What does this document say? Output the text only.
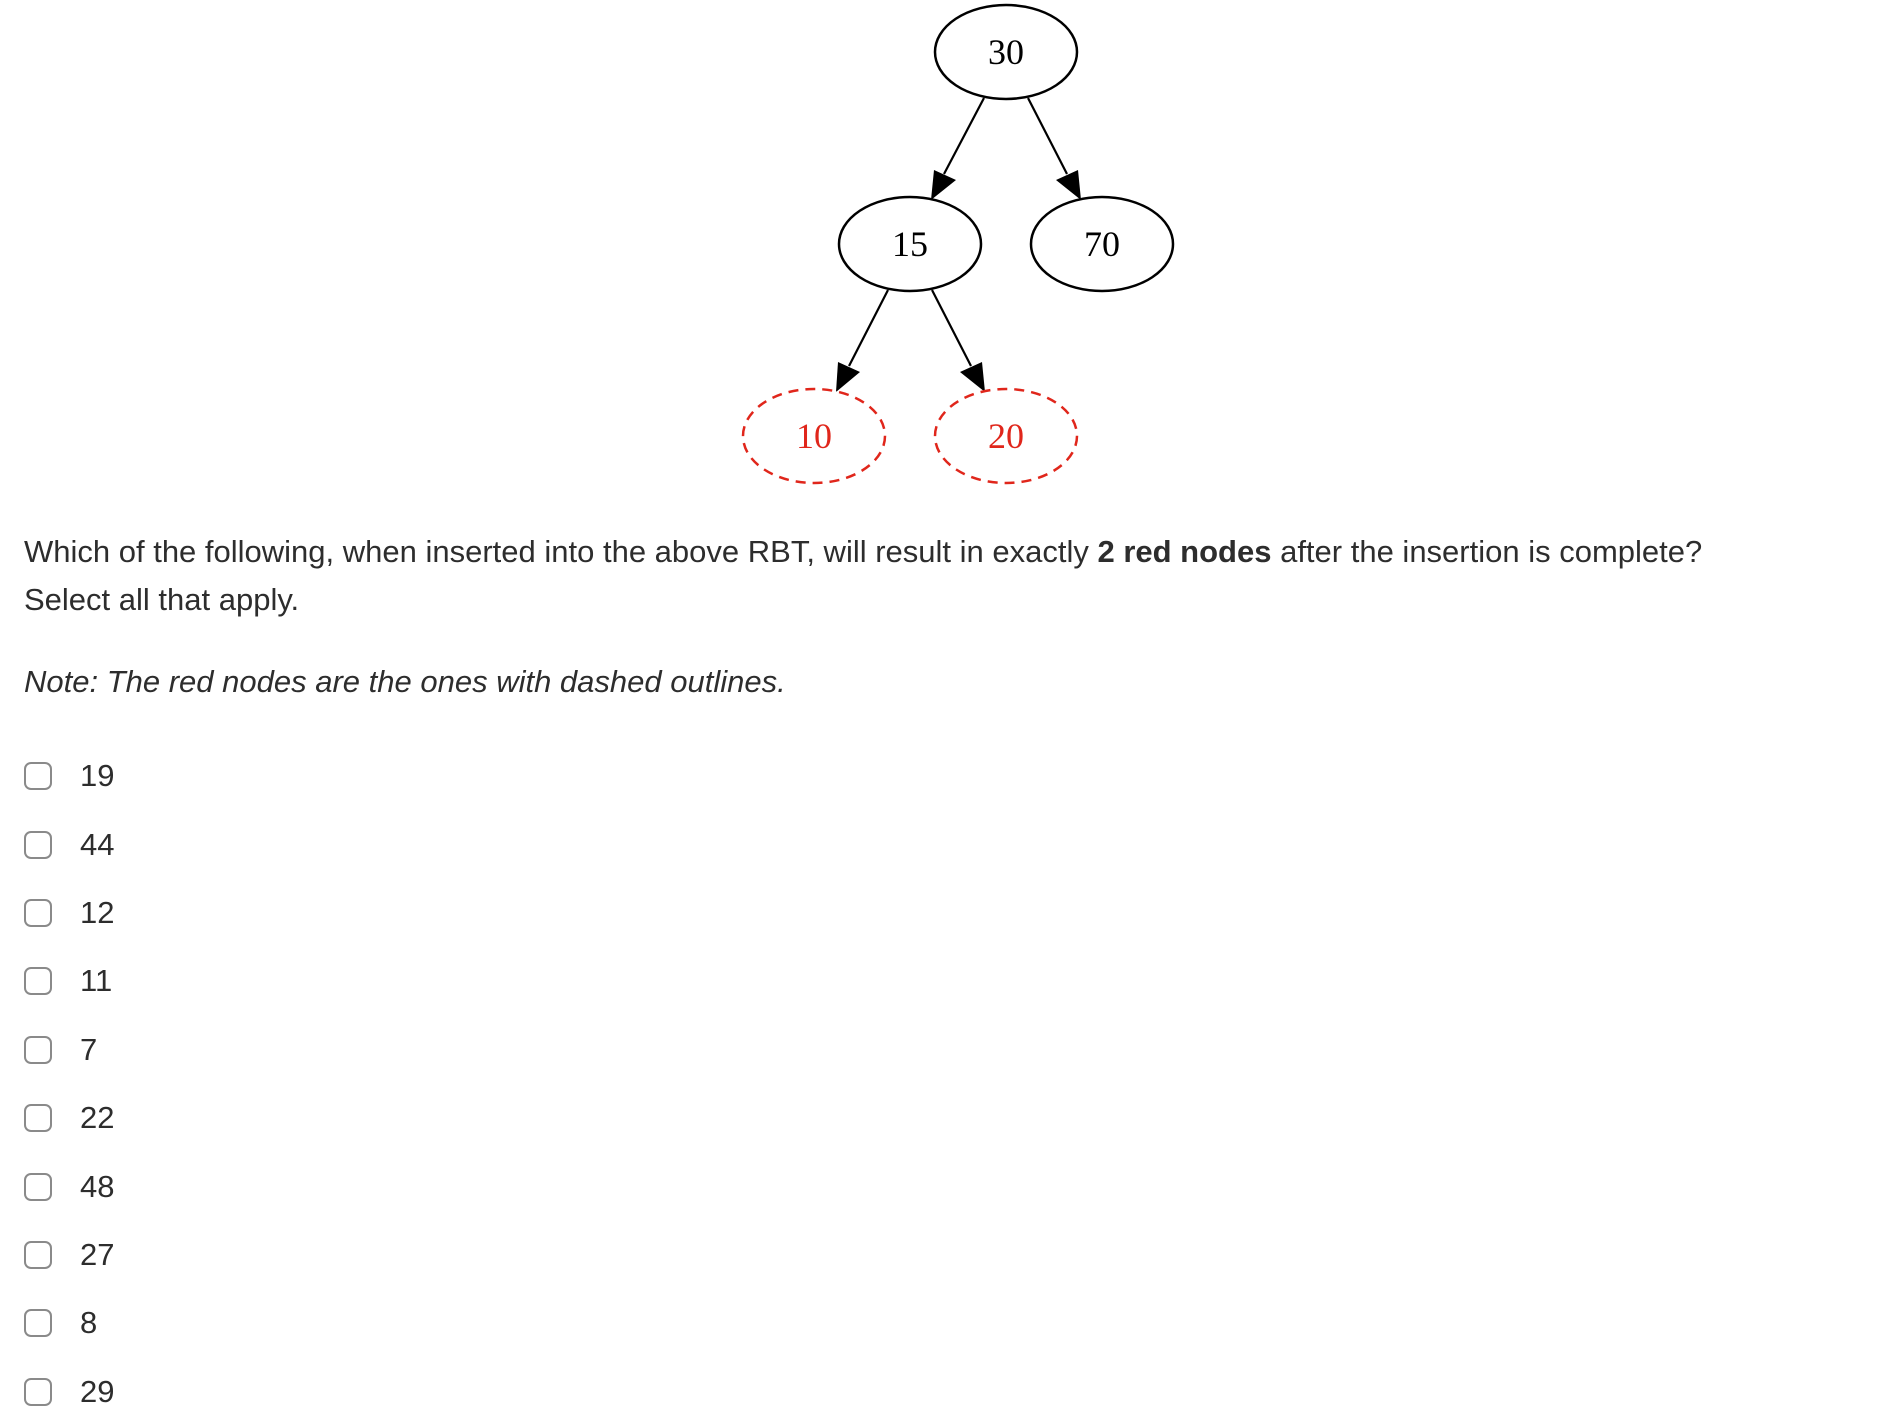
30
15	70
10	20

Which of the following, when inserted into the above RBT, will result in exactly 2 red nodes after the insertion is complete?

Select all that apply.

Note: The red nodes are the ones with dashed outlines.
19
44
12
11
7
22
48
27
8
29
